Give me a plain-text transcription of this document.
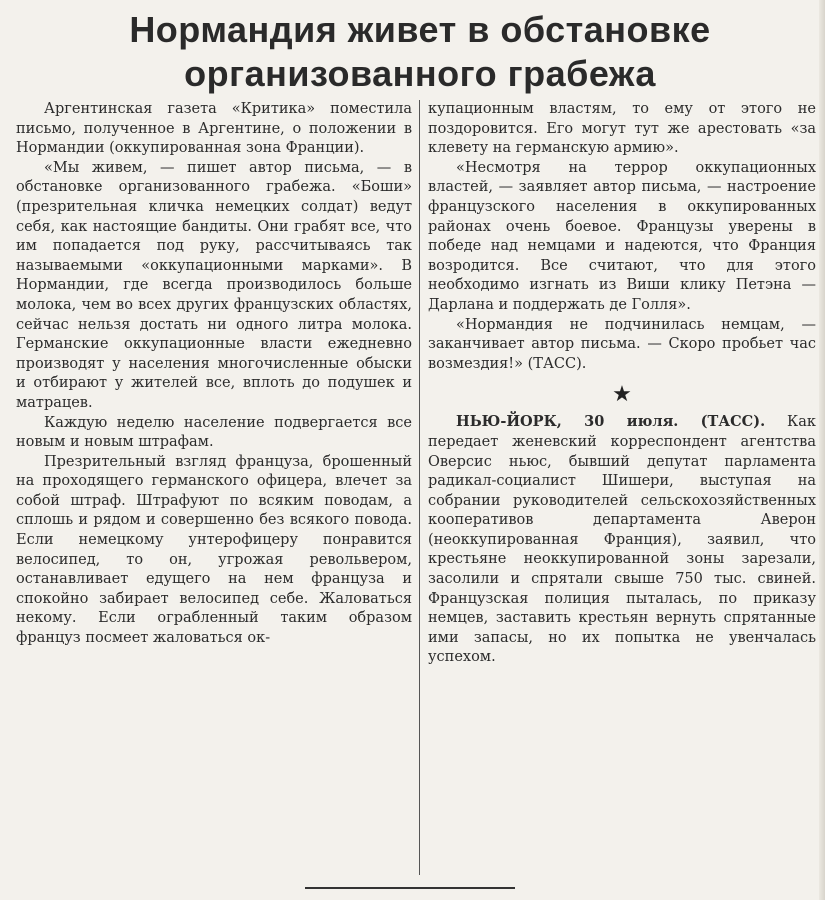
Нормандия живет в обстановке
организованного грабежа

Аргентинская газета «Критика» поместила письмо, полученное в Аргентине, о положении в Нормандии (оккупированная зона Франции).

«Мы живем, — пишет автор письма, — в обстановке организованного грабежа. «Боши» (презрительная кличка немецких солдат) ведут себя, как настоящие бандиты. Они грабят все, что им попадается под руку, рассчитываясь так называемыми «оккупационными марками». В Нормандии, где всегда производилось больше молока, чем во всех других французских областях, сейчас нельзя достать ни одного литра молока. Германские оккупационные власти ежедневно производят у населения многочисленные обыски и отбирают у жителей все, вплоть до подушек и матрацев.

Каждую неделю население подвергается все новым и новым штрафам.

Презрительный взгляд француза, брошенный на проходящего германского офицера, влечет за собой штраф. Штрафуют по всяким поводам, а сплошь и рядом и совершенно без всякого повода. Если немецкому унтерофицеру понравится велосипед, то он, угрожая револьвером, останавливает едущего на нем француза и спокойно забирает велосипед себе. Жаловаться некому. Если ограбленный таким образом француз посмеет жаловаться ок-

купационным властям, то ему от этого не поздоровится. Его могут тут же арестовать «за клевету на германскую армию».

«Несмотря на террор оккупационных властей, — заявляет автор письма, — настроение французского населения в оккупированных районах очень боевое. Французы уверены в победе над немцами и надеются, что Франция возродится. Все считают, что для этого необходимо изгнать из Виши клику Петэна — Дарлана и поддержать де Голля».

«Нормандия не подчинилась немцам, — заканчивает автор письма. — Скоро пробьет час возмездия!» (ТАСС).

★

НЬЮ-ЙОРК, 30 июля. (ТАСС). Как передает женевский корреспондент агентства Оверсис ньюс, бывший депутат парламента радикал-социалист Шишери, выступая на собрании руководителей сельскохозяйственных кооперативов департамента Аверон (неоккупированная Франция), заявил, что крестьяне неоккупированной зоны зарезали, засолили и спрятали свыше 750 тыс. свиней. Французская полиция пыталась, по приказу немцев, заставить крестьян вернуть спрятанные ими запасы, но их попытка не увенчалась успехом.
